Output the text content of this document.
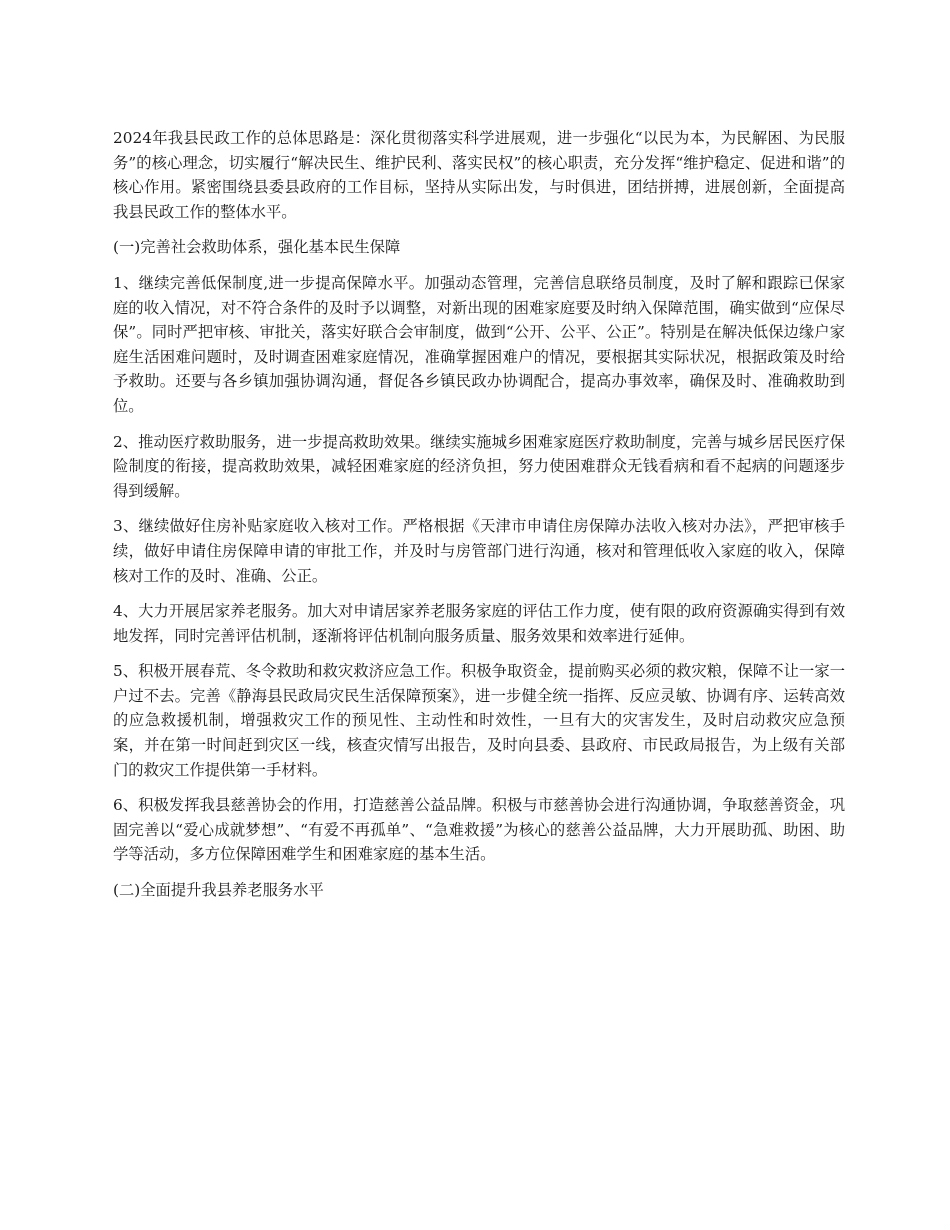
2024年我县民政工作的总体思路是：深化贯彻落实科学进展观，进一步强化“以民为本，为民解困、为民服务”的核心理念，切实履行“解决民生、维护民利、落实民权”的核心职责，充分发挥“维护稳定、促进和谐”的核心作用。紧密围绕县委县政府的工作目标，坚持从实际出发，与时俱进，团结拼搏，进展创新，全面提高我县民政工作的整体水平。

(一)完善社会救助体系，强化基本民生保障

1、继续完善低保制度,进一步提高保障水平。加强动态管理，完善信息联络员制度，及时了解和跟踪已保家庭的收入情况，对不符合条件的及时予以调整，对新出现的困难家庭要及时纳入保障范围，确实做到“应保尽保”。同时严把审核、审批关，落实好联合会审制度，做到“公开、公平、公正”。特别是在解决低保边缘户家庭生活困难问题时，及时调查困难家庭情况，准确掌握困难户的情况，要根据其实际状况，根据政策及时给予救助。还要与各乡镇加强协调沟通，督促各乡镇民政办协调配合，提高办事效率，确保及时、准确救助到位。

2、推动医疗救助服务，进一步提高救助效果。继续实施城乡困难家庭医疗救助制度，完善与城乡居民医疗保险制度的衔接，提高救助效果，减轻困难家庭的经济负担，努力使困难群众无钱看病和看不起病的问题逐步得到缓解。

3、继续做好住房补贴家庭收入核对工作。严格根据《天津市申请住房保障办法收入核对办法》，严把审核手续，做好申请住房保障申请的审批工作，并及时与房管部门进行沟通，核对和管理低收入家庭的收入，保障核对工作的及时、准确、公正。

4、大力开展居家养老服务。加大对申请居家养老服务家庭的评估工作力度，使有限的政府资源确实得到有效地发挥，同时完善评估机制，逐渐将评估机制向服务质量、服务效果和效率进行延伸。

5、积极开展春荒、冬令救助和救灾救济应急工作。积极争取资金，提前购买必须的救灾粮，保障不让一家一户过不去。完善《静海县民政局灾民生活保障预案》，进一步健全统一指挥、反应灵敏、协调有序、运转高效的应急救援机制，增强救灾工作的预见性、主动性和时效性，一旦有大的灾害发生，及时启动救灾应急预案，并在第一时间赶到灾区一线，核查灾情写出报告，及时向县委、县政府、市民政局报告，为上级有关部门的救灾工作提供第一手材料。

6、积极发挥我县慈善协会的作用，打造慈善公益品牌。积极与市慈善协会进行沟通协调，争取慈善资金，巩固完善以“爱心成就梦想”、“有爱不再孤单”、“急难救援”为核心的慈善公益品牌，大力开展助孤、助困、助学等活动，多方位保障困难学生和困难家庭的基本生活。

(二)全面提升我县养老服务水平
